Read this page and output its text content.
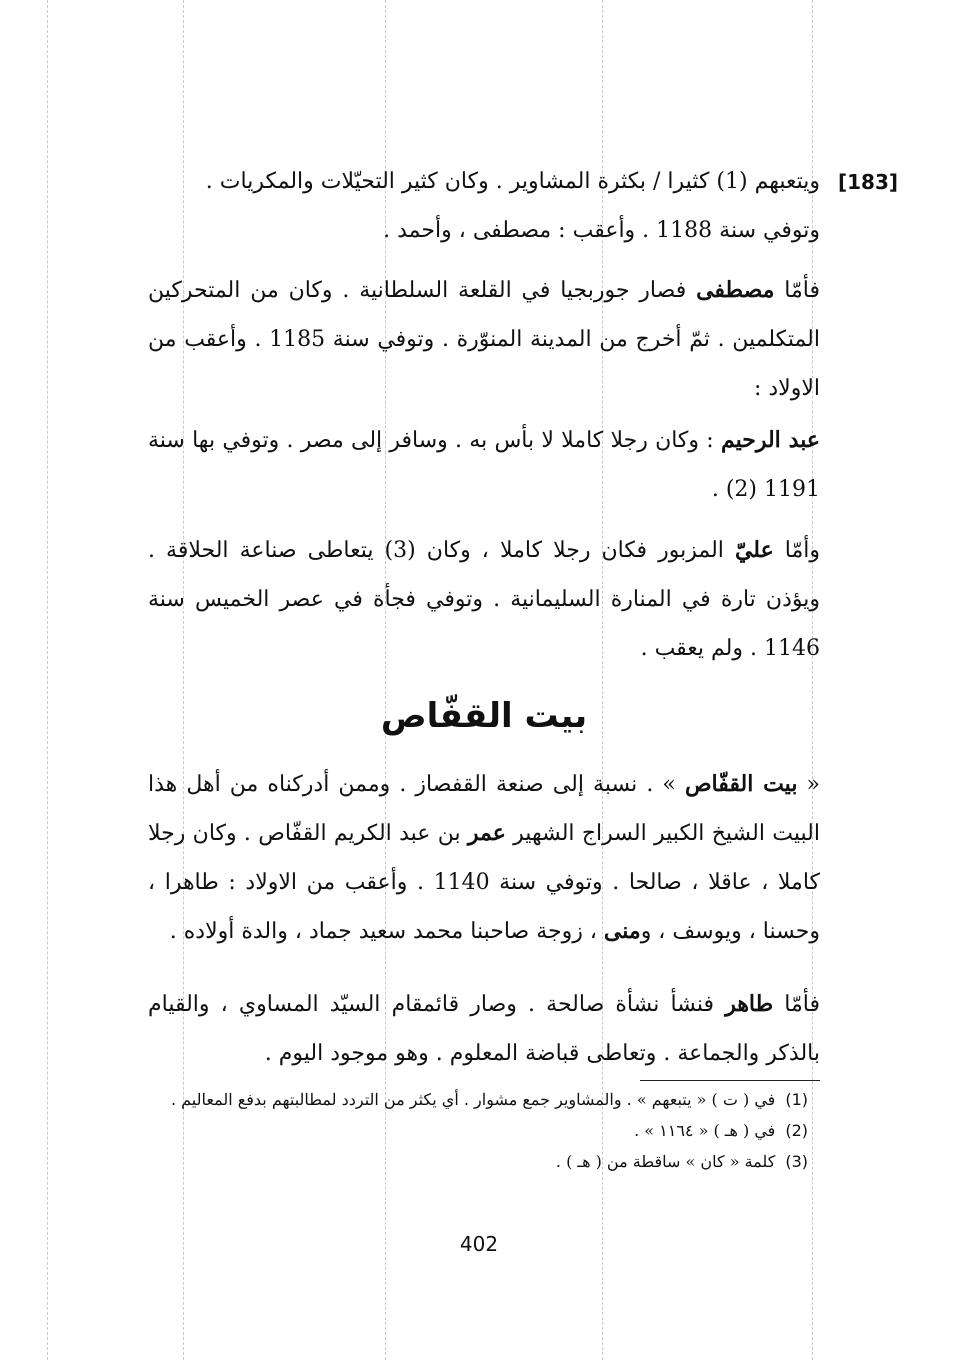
[183]
ويتعبهم (1) كثيرا / بكثرة المشاوير . وكان كثير التحيّلات والمكريات .
وتوفي سنة 1188 . وأعقب : مصطفى ، وأحمد .
فأمّا مصطفى فصار جوربجيا في القلعة السلطانية . وكان من المتحركين المتكلمين . ثمّ أخرج من المدينة المنوّرة . وتوفي سنة 1185 . وأعقب من الاولاد :
عبد الرحيم : وكان رجلا كاملا لا بأس به . وسافر إلى مصر . وتوفي بها سنة 1191 (2) .
وأمّا عليّ المزبور فكان رجلا كاملا ، وكان (3) يتعاطى صناعة الحلاقة . ويؤذن تارة في المنارة السليمانية . وتوفي فجأة في عصر الخميس سنة 1146 . ولم يعقب .
بيت القفّاص
« بيت القفّاص » . نسبة إلى صنعة القفصاز . وممن أدركناه من أهل هذا البيت الشيخ الكبير السراج الشهير عمر بن عبد الكريم القفّاص . وكان رجلا كاملا ، عاقلا ، صالحا . وتوفي سنة 1140 . وأعقب من الاولاد : طاهرا ، وحسنا ، ويوسف ، ومنى ، زوجة صاحبنا محمد سعيد جماد ، والدة أولاده .
فأمّا طاهر فنشأ نشأة صالحة . وصار قائمقام السيّد المساوي ، والقيام بالذكر والجماعة . وتعاطى قباضة المعلوم . وهو موجود اليوم .
(1)في ( ت ) « يتبعهم » . والمشاوير جمع مشوار . أي يكثر من التردد لمطالبتهم بدفع المعاليم .
(2)في ( هـ ) « ١١٦٤ » .
(3)كلمة « كان » ساقطة من ( هـ ) .
402
